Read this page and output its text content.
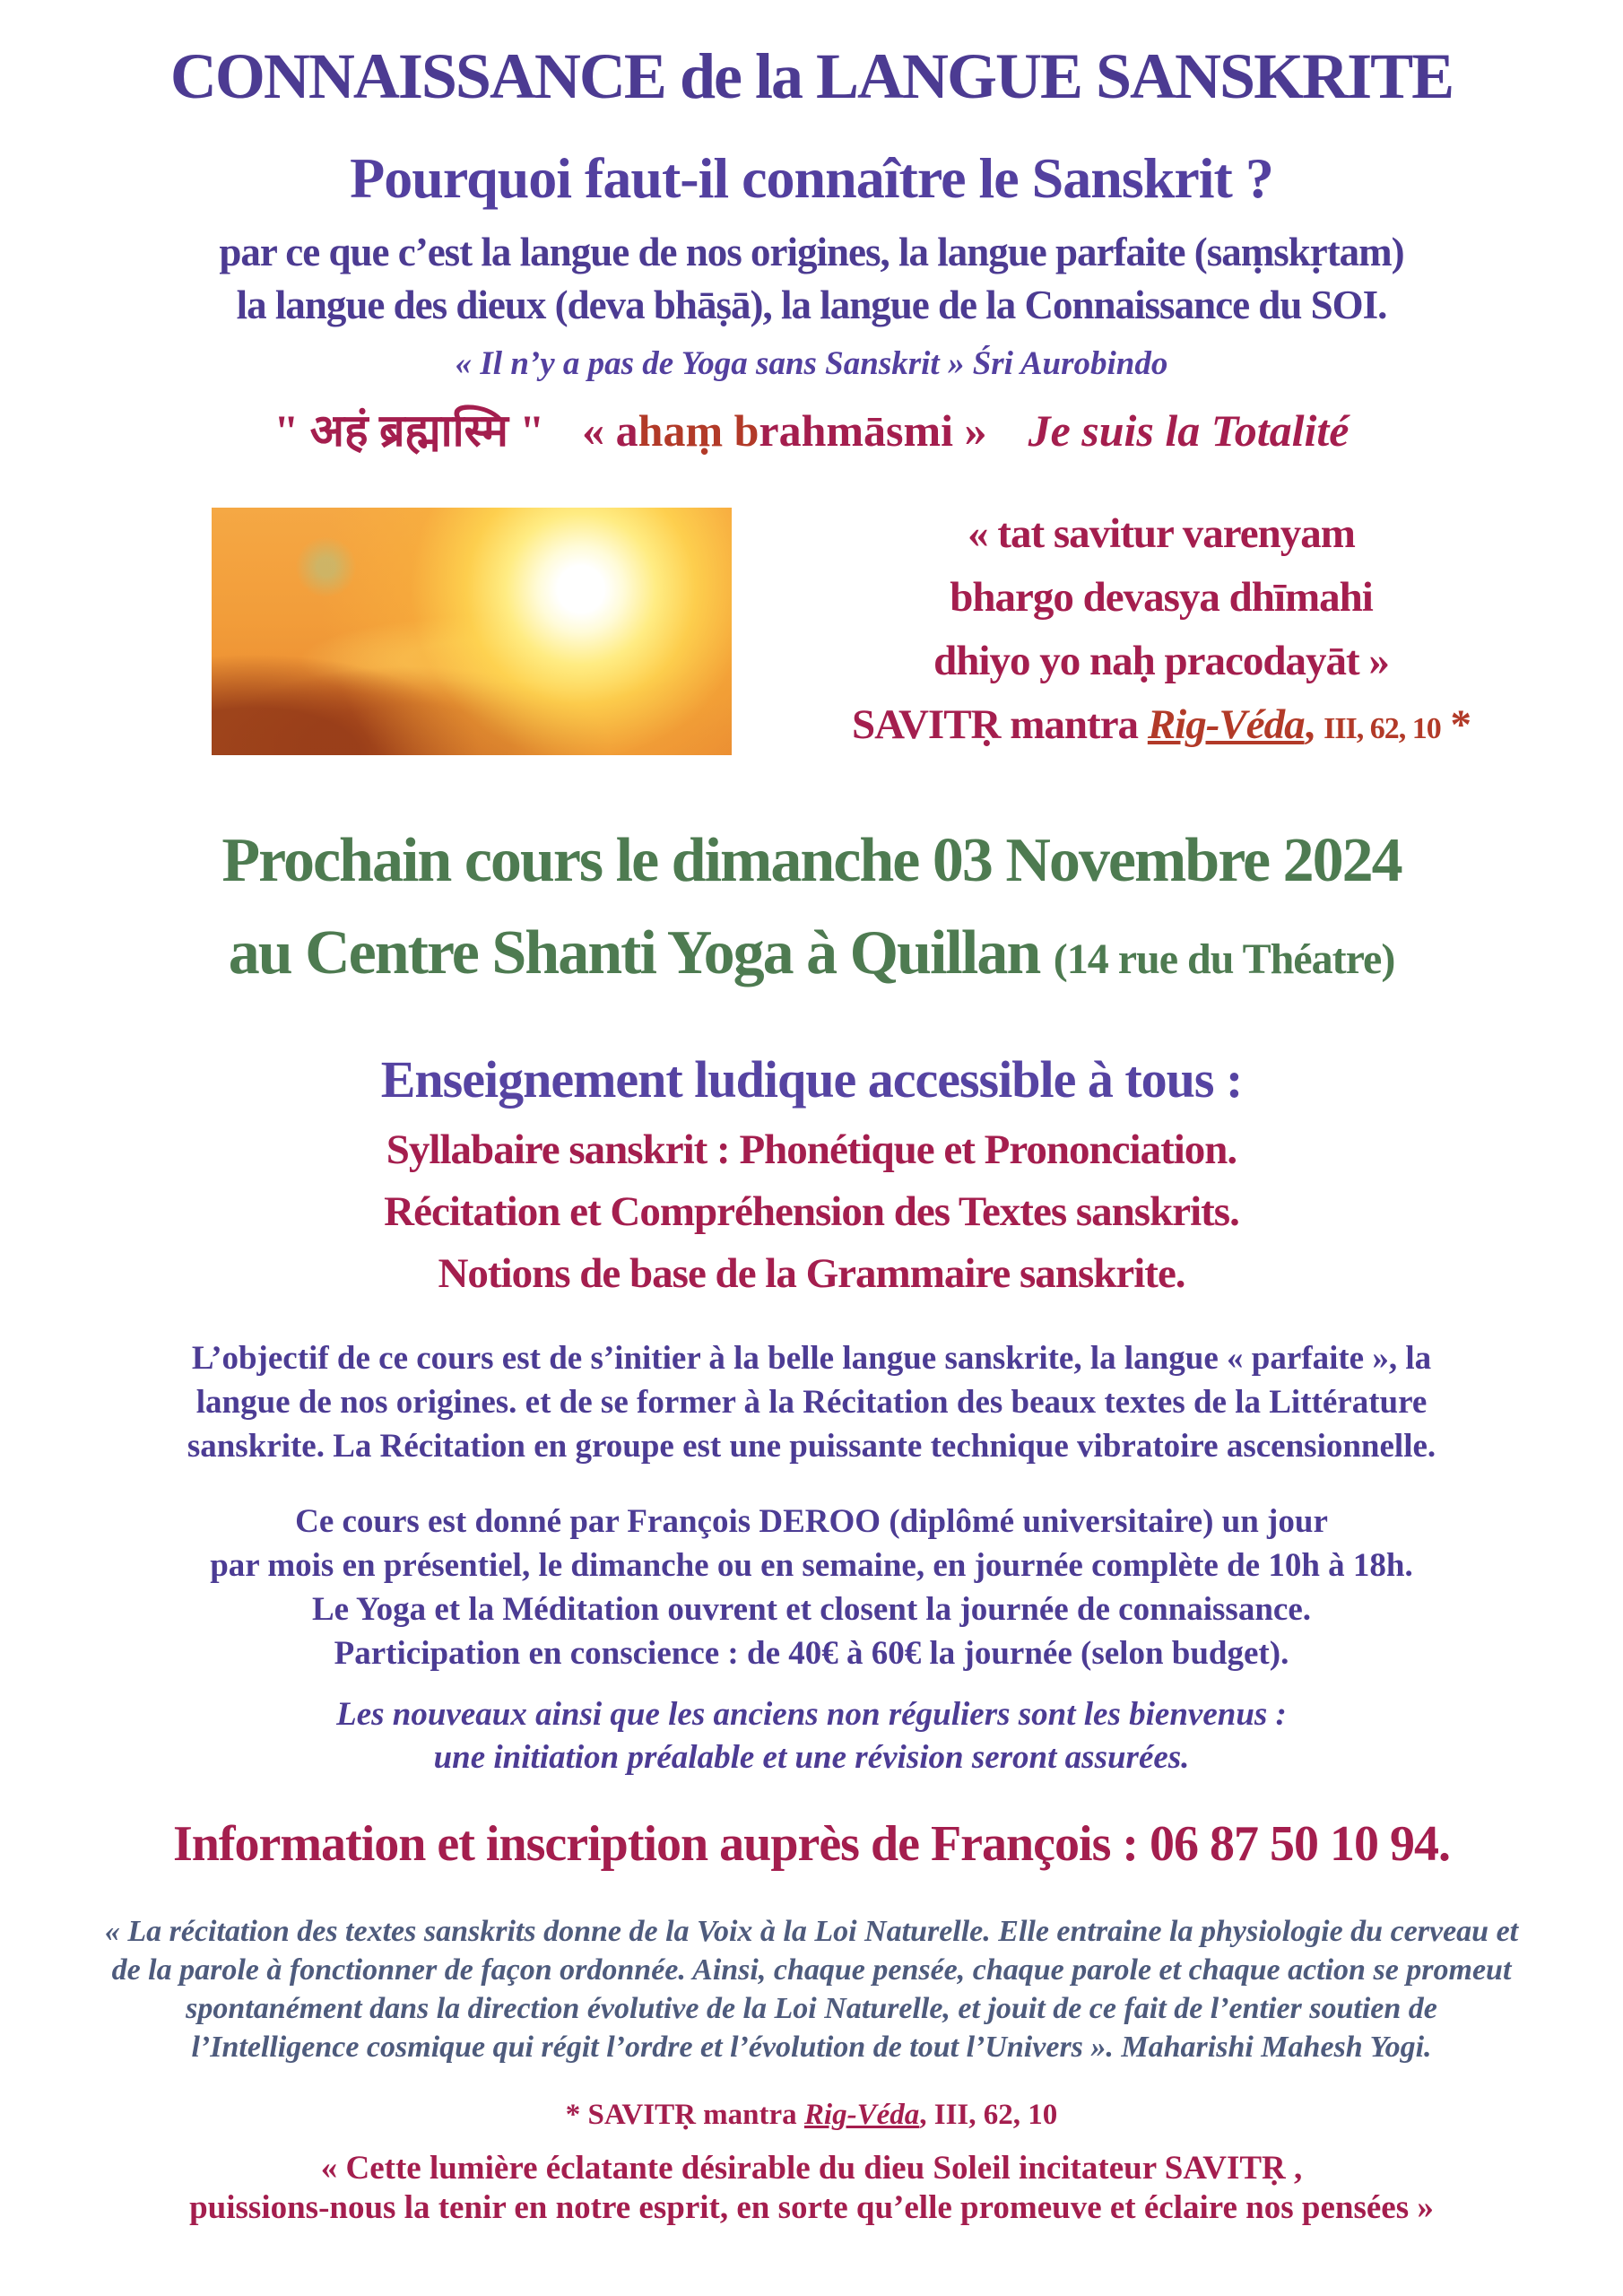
CONNAISSANCE de la LANGUE SANSKRITE
Pourquoi faut-il connaître le Sanskrit ?
par ce que c’est la langue de nos origines, la langue parfaite (saṃskṛtam)
la langue des dieux (deva bhāṣā), la langue de la Connaissance du SOI.
« Il n’y a pas de Yoga sans Sanskrit » Śri Aurobindo
" अहं ब्रह्मास्मि " « ahaṃ brahmāsmi » Je suis la Totalité
« tat savitur varenyam
bhargo devasya dhīmahi
dhiyo yo naḥ pracodayāt »
SAVITṚ mantra Rig-Véda, III, 62, 10 *
Prochain cours le dimanche 03 Novembre 2024
au Centre Shanti Yoga à Quillan (14 rue du Théatre)
Enseignement ludique accessible à tous :
Syllabaire sanskrit : Phonétique et Prononciation.
Récitation et Compréhension des Textes sanskrits.
Notions de base de la Grammaire sanskrite.
L’objectif de ce cours est de s’initier à la belle langue sanskrite, la langue « parfaite », la
langue de nos origines. et de se former à la Récitation des beaux textes de la Littérature
sanskrite. La Récitation en groupe est une puissante technique vibratoire ascensionnelle.
Ce cours est donné par François DEROO (diplômé universitaire) un jour
par mois en présentiel, le dimanche ou en semaine, en journée complète de 10h à 18h.
Le Yoga et la Méditation ouvrent et closent la journée de connaissance.
Participation en conscience : de 40€ à 60€ la journée (selon budget).
Les nouveaux ainsi que les anciens non réguliers sont les bienvenus :
une initiation préalable et une révision seront assurées.
Information et inscription auprès de François : 06 87 50 10 94.
« La récitation des textes sanskrits donne de la Voix à la Loi Naturelle. Elle entraine la physiologie du cerveau et
de la parole à fonctionner de façon ordonnée. Ainsi, chaque pensée, chaque parole et chaque action se promeut
spontanément dans la direction évolutive de la Loi Naturelle, et jouit de ce fait de l’entier soutien de
l’Intelligence cosmique qui régit l’ordre et l’évolution de tout l’Univers ». Maharishi Mahesh Yogi.
* SAVITṚ mantra Rig-Véda, III, 62, 10
« Cette lumière éclatante désirable du dieu Soleil incitateur SAVITṚ ,
puissions-nous la tenir en notre esprit, en sorte qu’elle promeuve et éclaire nos pensées »
